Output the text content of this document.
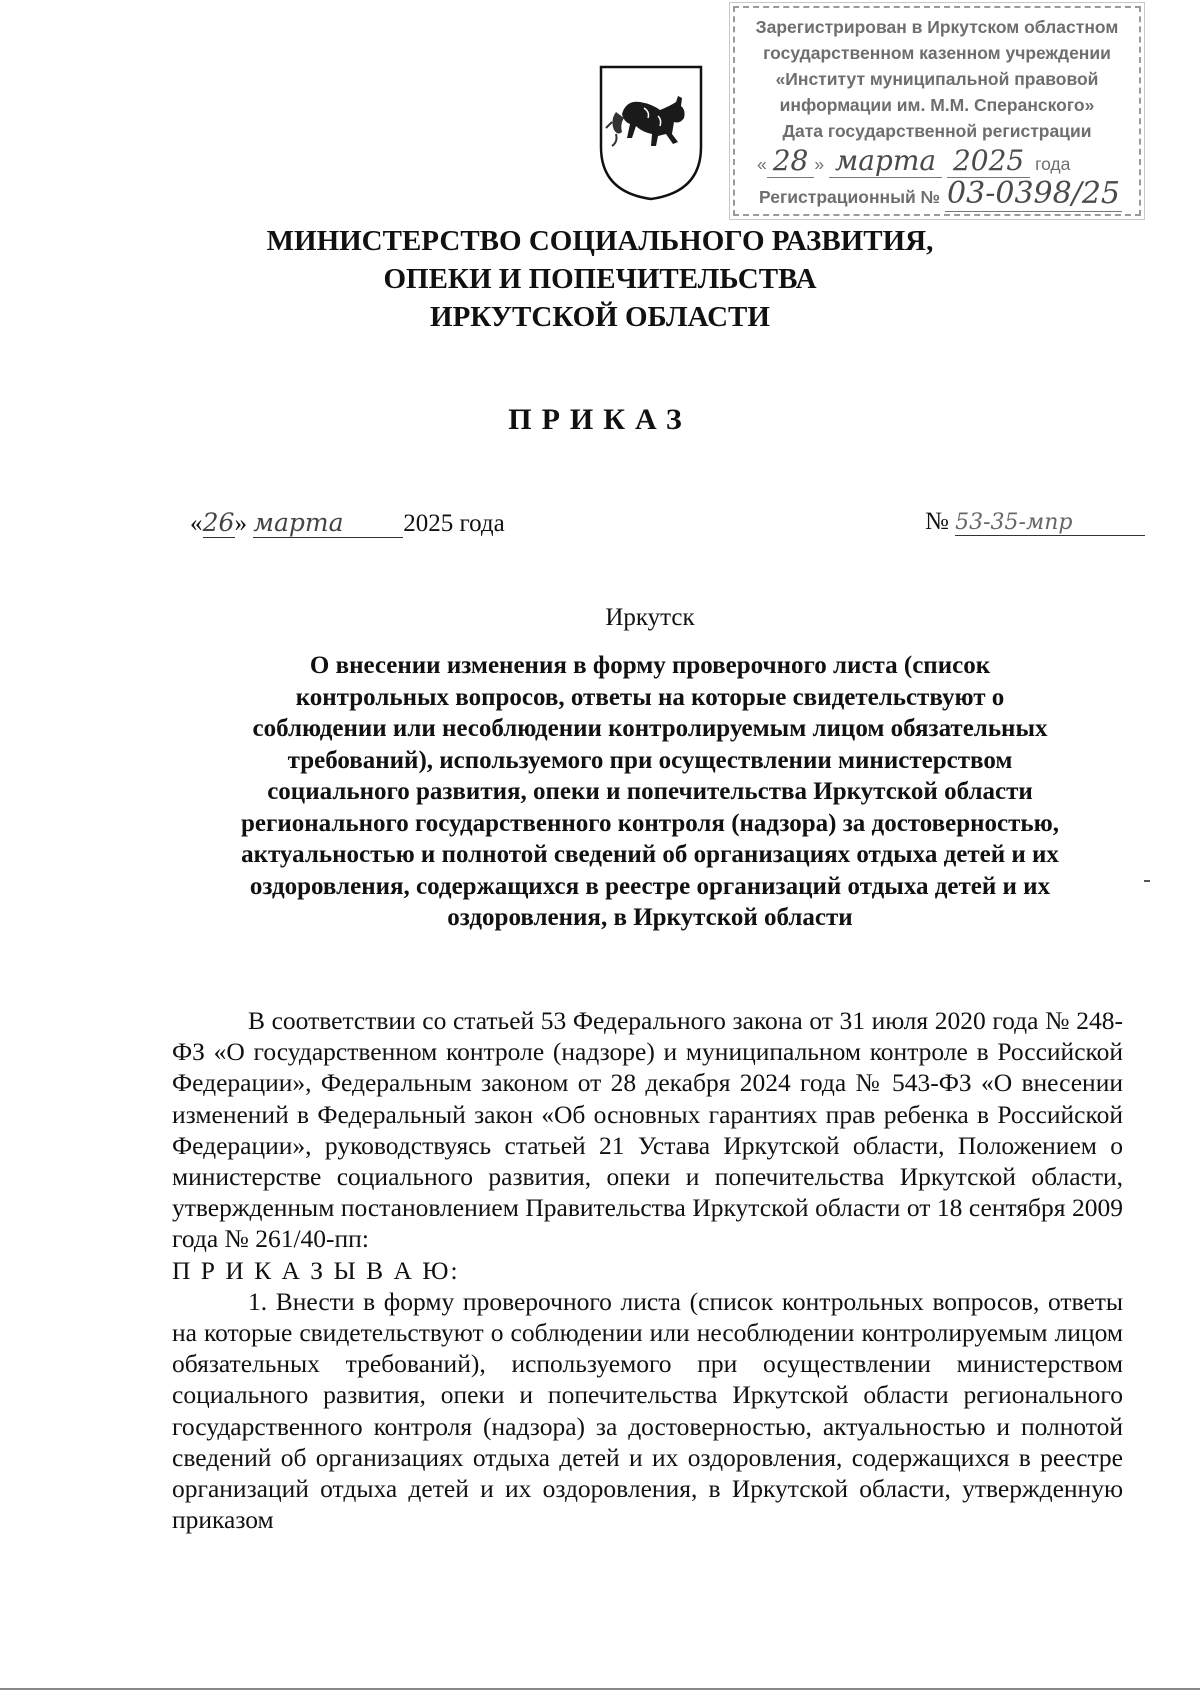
Зарегистрирован в Иркутском областном
государственном казенном учреждении
«Институт муниципальной правовой
информации им. М.М. Сперанского»
Дата государственной регистрации
« 28 » марта 2025 года
Регистрационный № 03-0398/25
МИНИСТЕРСТВО СОЦИАЛЬНОГО РАЗВИТИЯ,
ОПЕКИ И ПОПЕЧИТЕЛЬСТВА
ИРКУТСКОЙ ОБЛАСТИ
ПРИКАЗ
«26» марта 2025 года	№ 53-35-мпр
Иркутск
О внесении изменения в форму проверочного листа (список
контрольных вопросов, ответы на которые свидетельствуют о
соблюдении или несоблюдении контролируемым лицом обязательных
требований), используемого при осуществлении министерством
социального развития, опеки и попечительства Иркутской области
регионального государственного контроля (надзора) за достоверностью,
актуальностью и полнотой сведений об организациях отдыха детей и их
оздоровления, содержащихся в реестре организаций отдыха детей и их
оздоровления, в Иркутской области

В соответствии со статьей 53 Федерального закона от 31 июля 2020 года № 248-ФЗ «О государственном контроле (надзоре) и муниципальном контроле в Российской Федерации», Федеральным законом от 28 декабря 2024 года № 543-ФЗ «О внесении изменений в Федеральный закон «Об основных гарантиях прав ребенка в Российской Федерации», руководствуясь статьей 21 Устава Иркутской области, Положением о министерстве социального развития, опеки и попечительства Иркутской области, утвержденным постановлением Правительства Иркутской области от 18 сентября 2009 года № 261/40-пп:

П Р И К А З Ы В А Ю:

1. Внести в форму проверочного листа (список контрольных вопросов, ответы на которые свидетельствуют о соблюдении или несоблюдении контролируемым лицом обязательных требований), используемого при осуществлении министерством социального развития, опеки и попечительства Иркутской области регионального государственного контроля (надзора) за достоверностью, актуальностью и полнотой сведений об организациях отдыха детей и их оздоровления, содержащихся в реестре организаций отдыха детей и их оздоровления, в Иркутской области, утвержденную приказом
